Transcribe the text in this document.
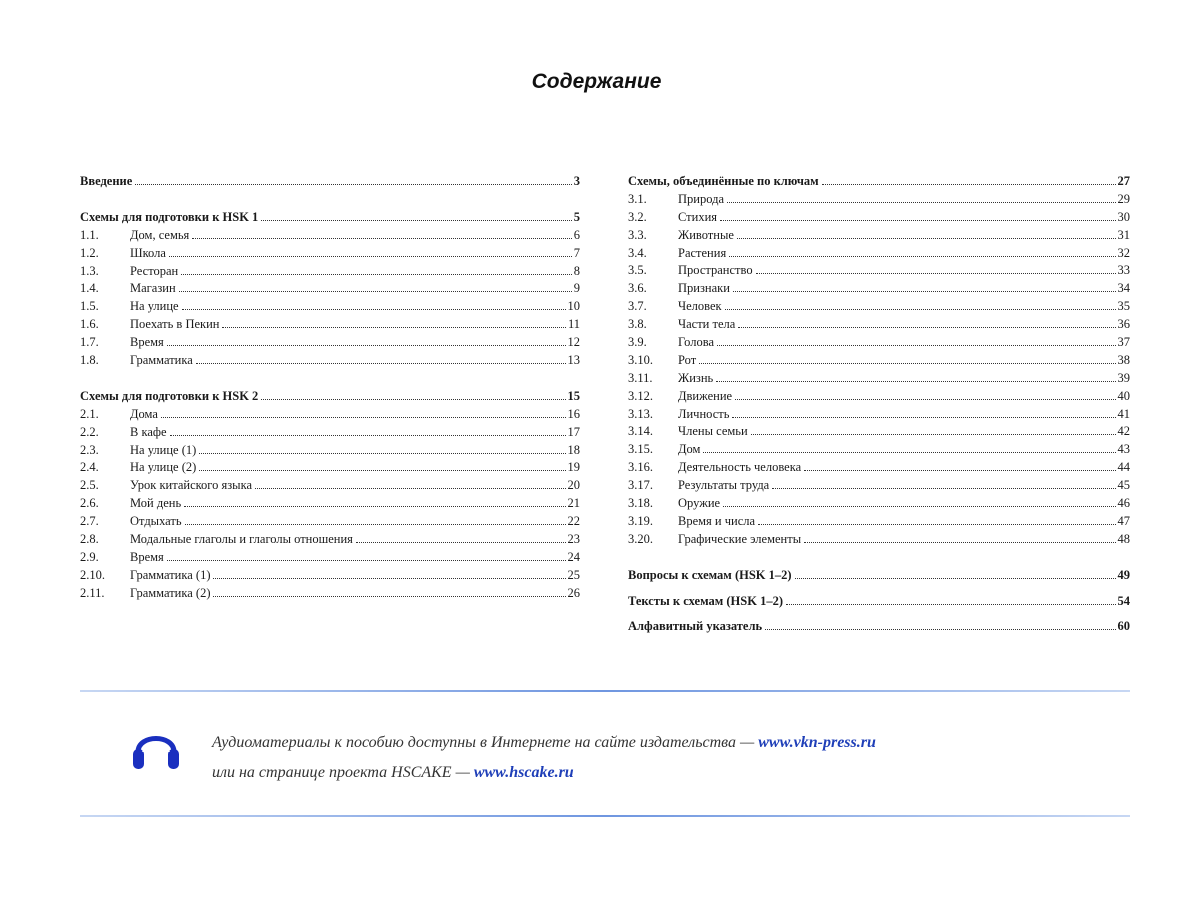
Содержание
Введение	3
Схемы для подготовки к HSK 1	5
1.1.	Дом, семья	6
1.2.	Школа	7
1.3.	Ресторан	8
1.4.	Магазин	9
1.5.	На улице	10
1.6.	Поехать в Пекин	11
1.7.	Время	12
1.8.	Грамматика	13
Схемы для подготовки к HSK 2	15
2.1.	Дома	16
2.2.	В кафе	17
2.3.	На улице (1)	18
2.4.	На улице (2)	19
2.5.	Урок китайского языка	20
2.6.	Мой день	21
2.7.	Отдыхать	22
2.8.	Модальные глаголы и глаголы отношения	23
2.9.	Время	24
2.10.	Грамматика (1)	25
2.11.	Грамматика (2)	26
Схемы, объединённые по ключам	27
3.1.	Природа	29
3.2.	Стихия	30
3.3.	Животные	31
3.4.	Растения	32
3.5.	Пространство	33
3.6.	Признаки	34
3.7.	Человек	35
3.8.	Части тела	36
3.9.	Голова	37
3.10.	Рот	38
3.11.	Жизнь	39
3.12.	Движение	40
3.13.	Личность	41
3.14.	Члены семьи	42
3.15.	Дом	43
3.16.	Деятельность человека	44
3.17.	Результаты труда	45
3.18.	Оружие	46
3.19.	Время и числа	47
3.20.	Графические элементы	48
Вопросы к схемам (HSK 1–2)	49
Тексты к схемам (HSK 1–2)	54
Алфавитный указатель	60
Аудиоматериалы к пособию доступны в Интернете на сайте издательства — www.vkn-press.ru
или на странице проекта HSCAKE — www.hscake.ru
